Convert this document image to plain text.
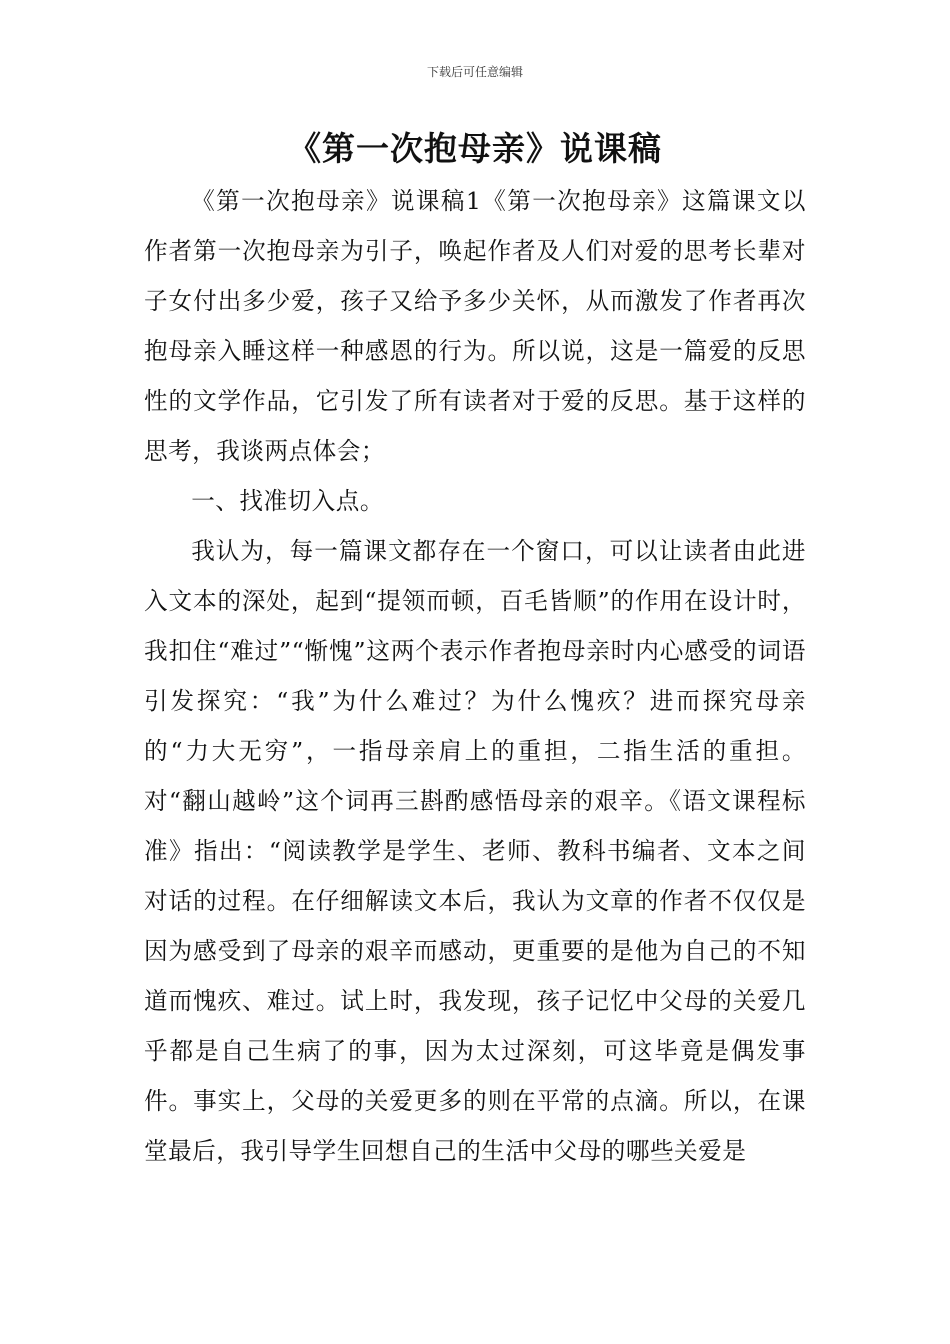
下载后可任意编辑
《第一次抱母亲》说课稿

《第一次抱母亲》说课稿1《第一次抱母亲》这篇课文以作者第一次抱母亲为引子，唤起作者及人们对爱的思考长辈对子女付出多少爱，孩子又给予多少关怀，从而激发了作者再次抱母亲入睡这样一种感恩的行为。所以说，这是一篇爱的反思性的文学作品，它引发了所有读者对于爱的反思。基于这样的思考，我谈两点体会；

一、找准切入点。

我认为，每一篇课文都存在一个窗口，可以让读者由此进入文本的深处，起到“提领而顿，百毛皆顺”的作用在设计时，我扣住“难过”“惭愧”这两个表示作者抱母亲时内心感受的词语引发探究：“我”为什么难过？为什么愧疚？进而探究母亲的“力大无穷”，一指母亲肩上的重担，二指生活的重担。对“翻山越岭”这个词再三斟酌感悟母亲的艰辛。《语文课程标准》指出：“阅读教学是学生、老师、教科书编者、文本之间对话的过程。在仔细解读文本后，我认为文章的作者不仅仅是因为感受到了母亲的艰辛而感动，更重要的是他为自己的不知道而愧疚、难过。试上时，我发现，孩子记忆中父母的关爱几乎都是自己生病了的事，因为太过深刻，可这毕竟是偶发事件。事实上，父母的关爱更多的则在平常的点滴。所以，在课堂最后，我引导学生回想自己的生活中父母的哪些关爱是
